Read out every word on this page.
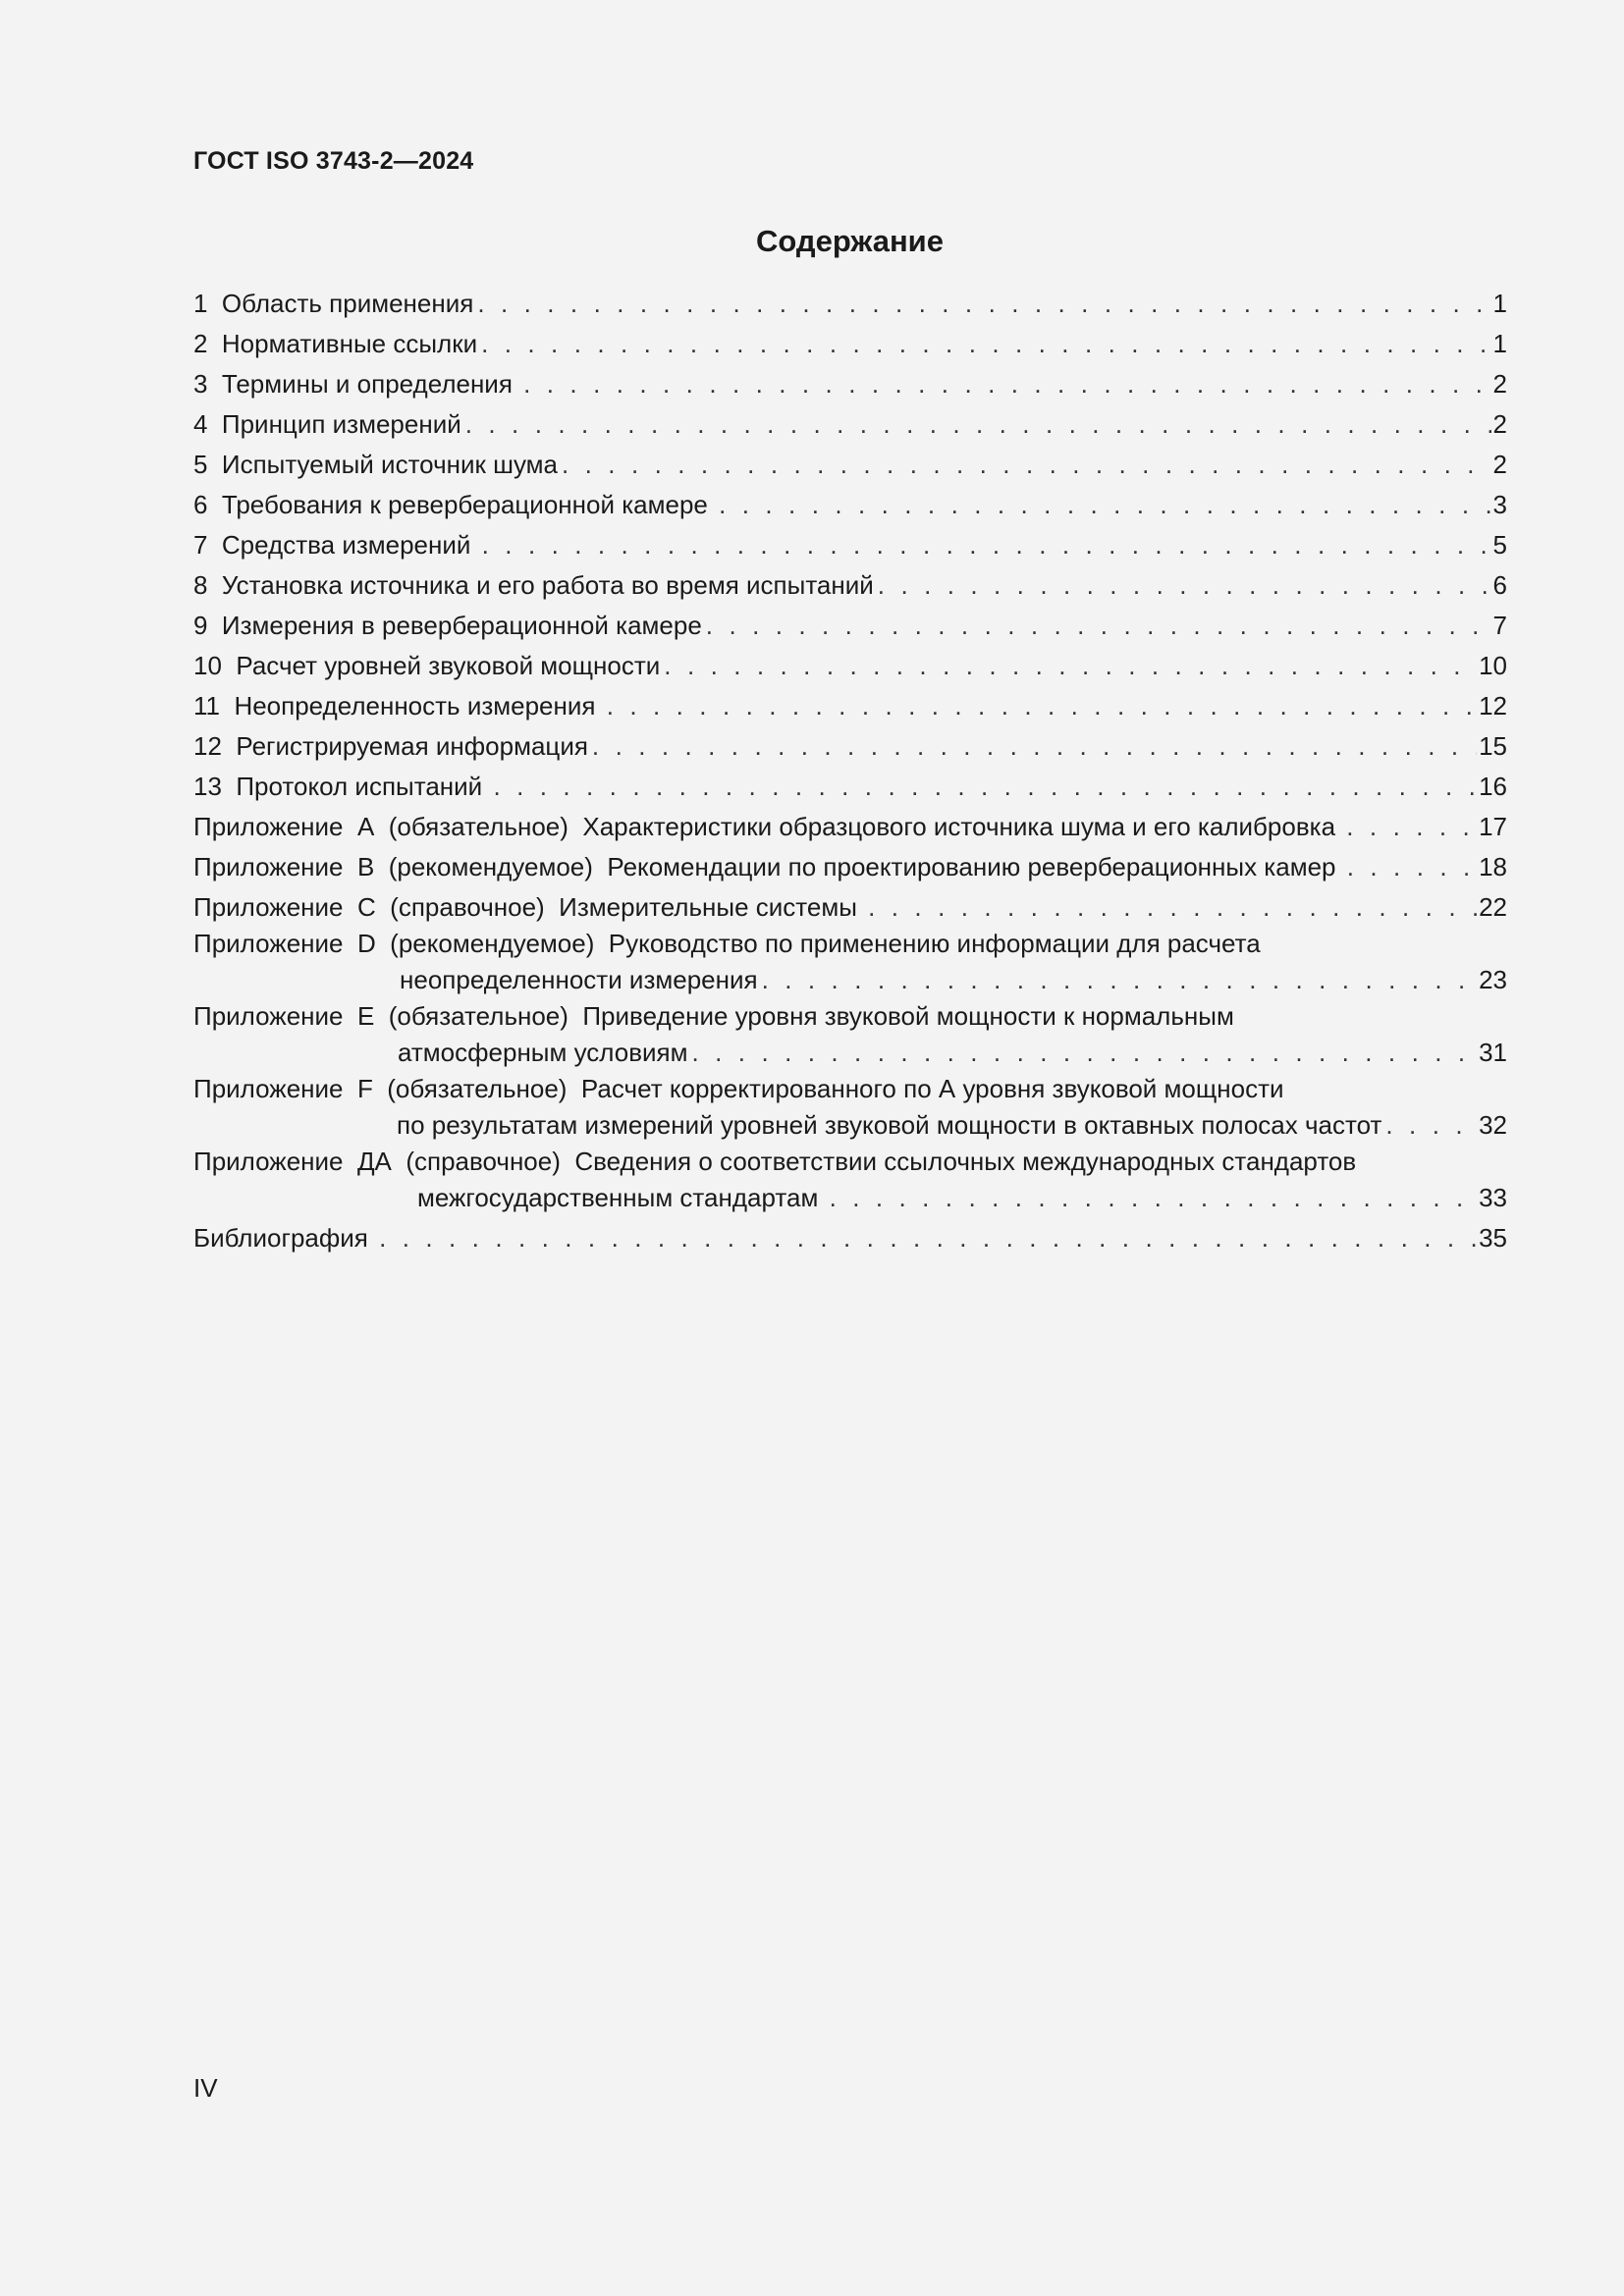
ГОСТ ISO 3743-2—2024
Содержание
1  Область применения . . .	1
2  Нормативные ссылки . . .	1
3  Термины и определения . . .	2
4  Принцип измерений . . .	2
5  Испытуемый источник шума . . .	2
6  Требования к реверберационной камере . . .	3
7  Средства измерений . . .	5
8  Установка источника и его работа во время испытаний . . .	6
9  Измерения в реверберационной камере . . .	7
10  Расчет уровней звуковой мощности . . .	10
11  Неопределенность измерения . . .	12
12  Регистрируемая информация . . .	15
13  Протокол испытаний . . .	16
Приложение  А  (обязательное)  Характеристики образцового источника шума и его калибровка . . .	17
Приложение  В  (рекомендуемое)  Рекомендации по проектированию реверберационных камер . . .	18
Приложение  С  (справочное)  Измерительные системы . . .	22
Приложение  D  (рекомендуемое)  Руководство по применению информации для расчета
неопределенности измерения . . .	23
Приложение  E  (обязательное)  Приведение уровня звуковой мощности к нормальным
атмосферным условиям . . .	31
Приложение  F  (обязательное)  Расчет корректированного по А уровня звуковой мощности
по результатам измерений уровней звуковой мощности в октавных полосах частот . . .	32
Приложение  ДА  (справочное)  Сведения о соответствии ссылочных международных стандартов
межгосударственным стандартам . . .	33
Библиография . . .	35
IV
